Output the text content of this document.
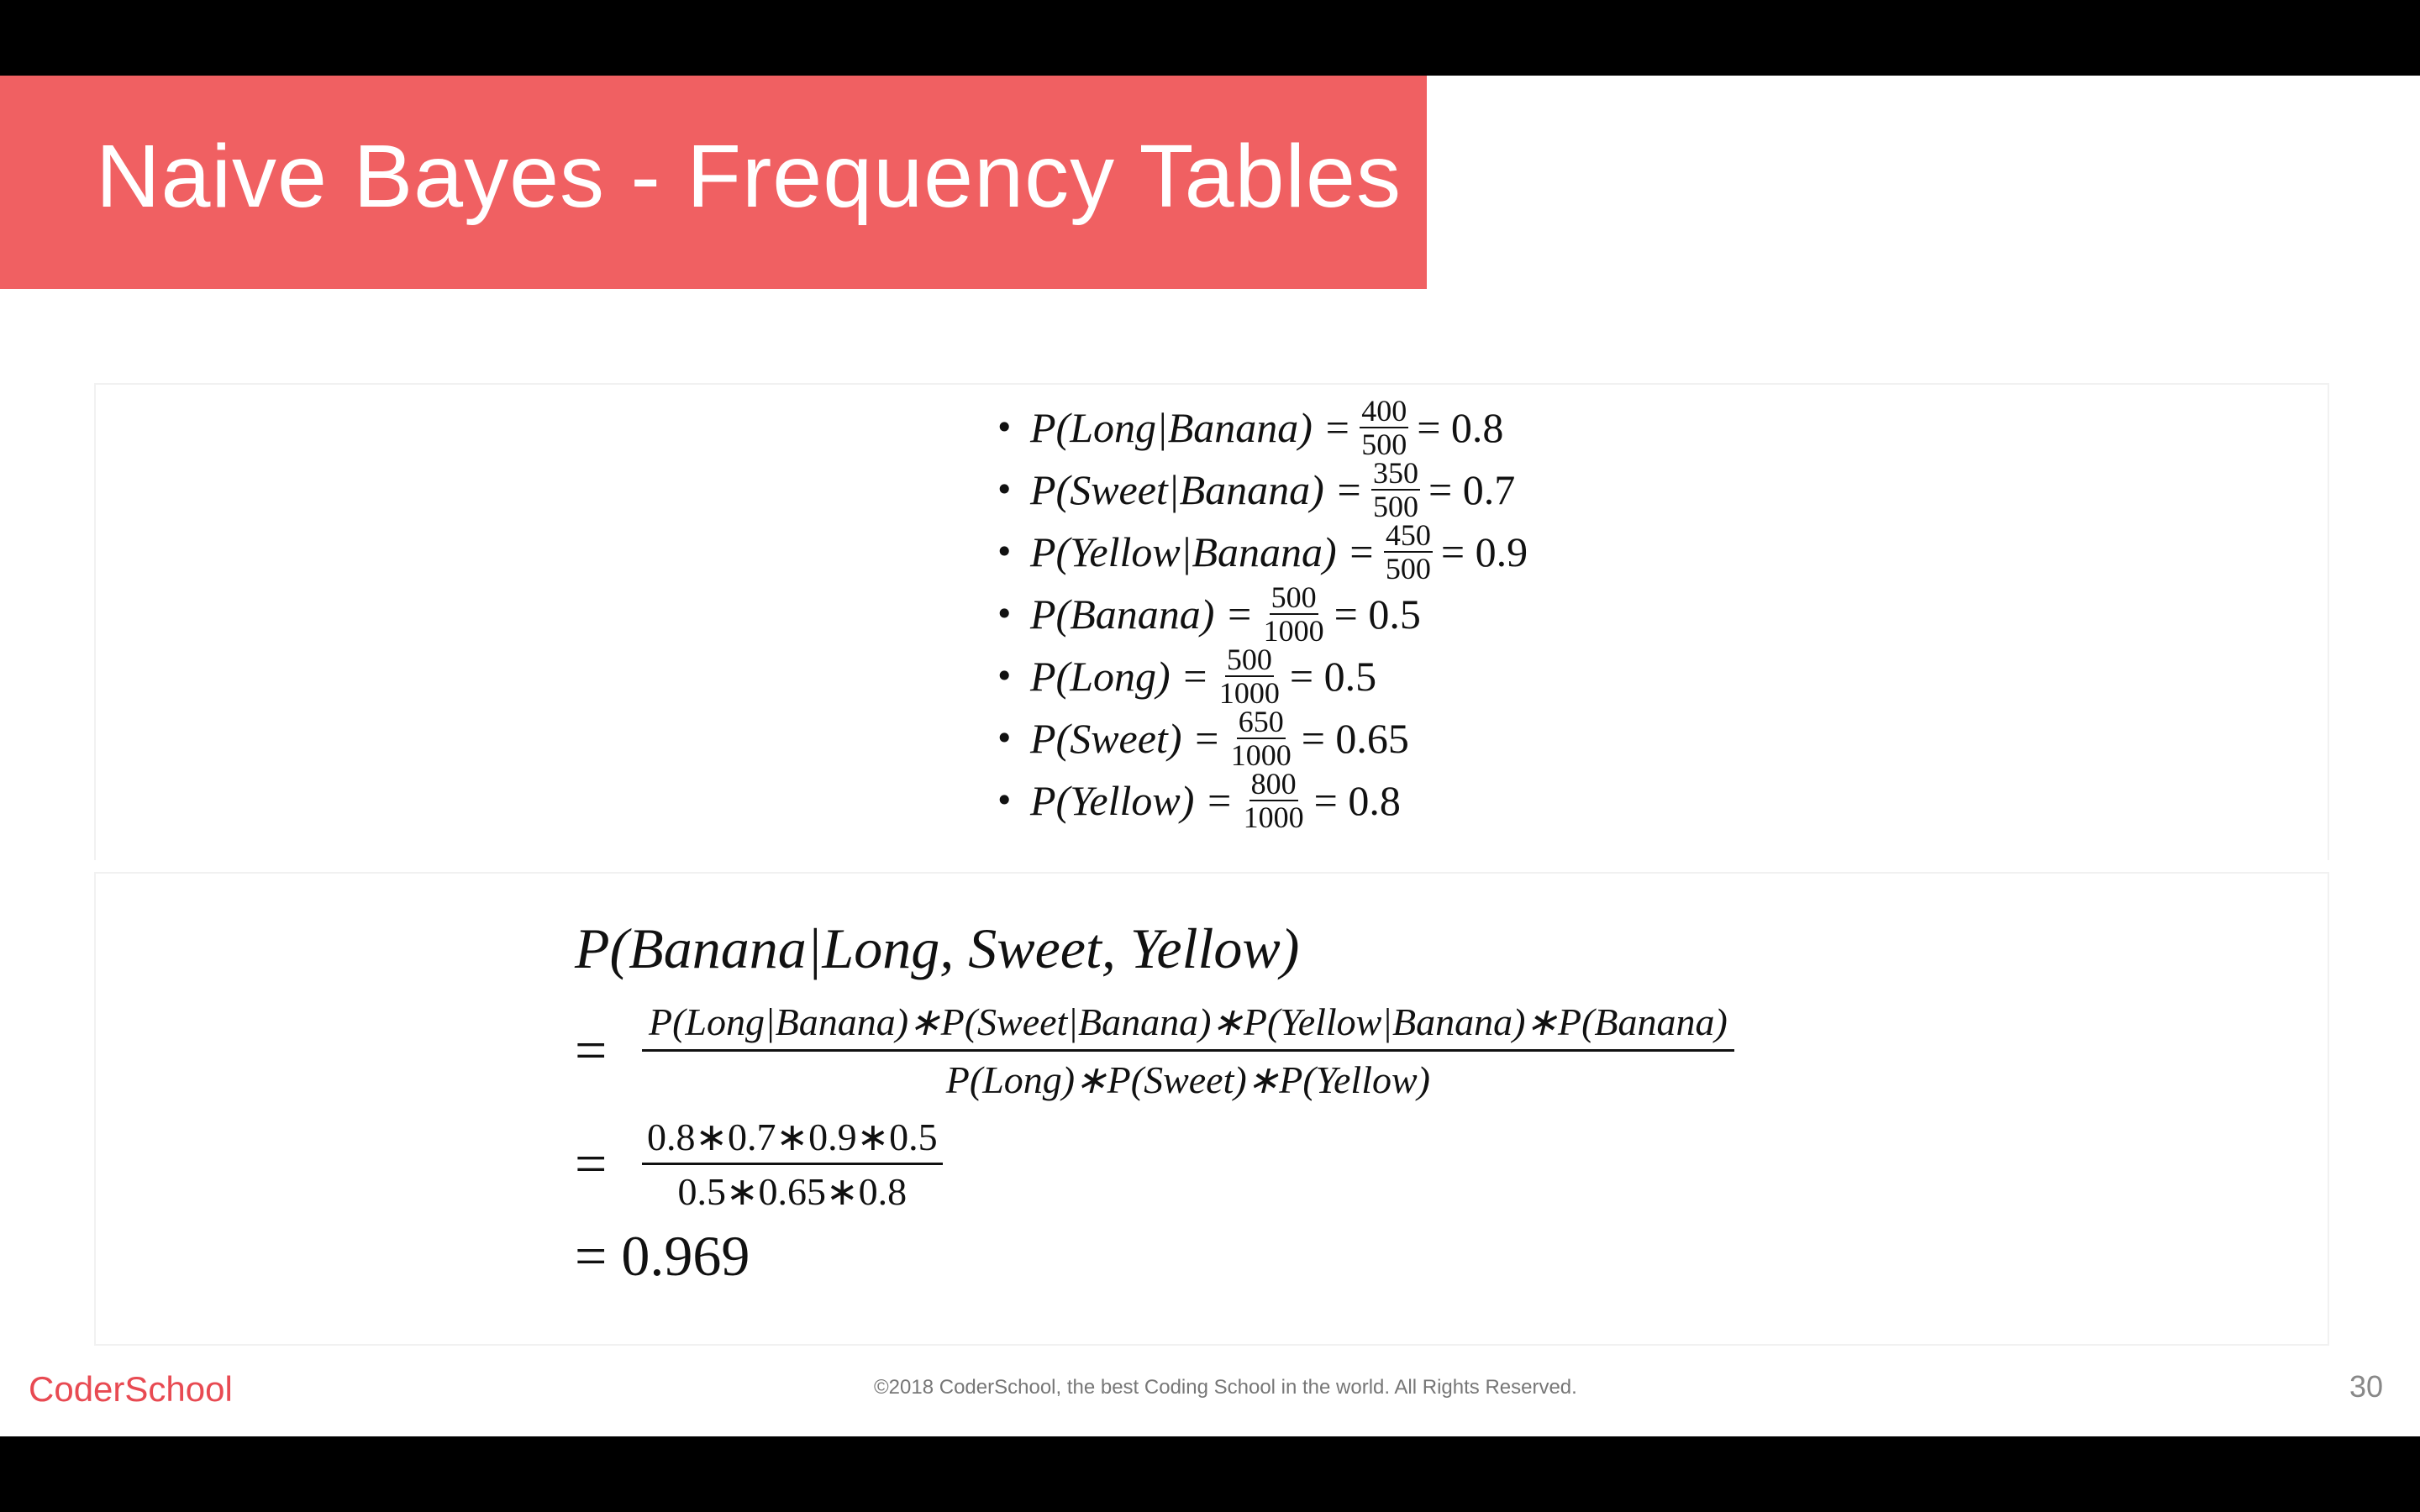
Naive Bayes - Frequency Tables
• P(Long|Banana) = $\frac{400}{500} = 0.8$
• P(Sweet|Banana) = $\frac{350}{500} = 0.7$
• P(Yellow|Banana) = $\frac{450}{500} = 0.9$
• P(Banana) = $\frac{500}{1000} = 0.5$
• P(Long) = $\frac{500}{1000} = 0.5$
• P(Sweet) = $\frac{650}{1000} = 0.65$
• P(Yellow) = $\frac{800}{1000} = 0.8$
P(Banana|Long, Sweet, Yellow)
= $\frac{\text{P(Long|Banana)∗P(Sweet|Banana)∗P(Yellow|Banana)∗P(Banana)}}{\text{P(Long)∗P(Sweet)∗P(Yellow)}}$
= $\frac{0.8∗0.7∗0.9∗0.5}{0.5∗0.65∗0.8}$
= 0.969
CoderSchool	©2018 CoderSchool, the best Coding School in the world. All Rights Reserved.	30
